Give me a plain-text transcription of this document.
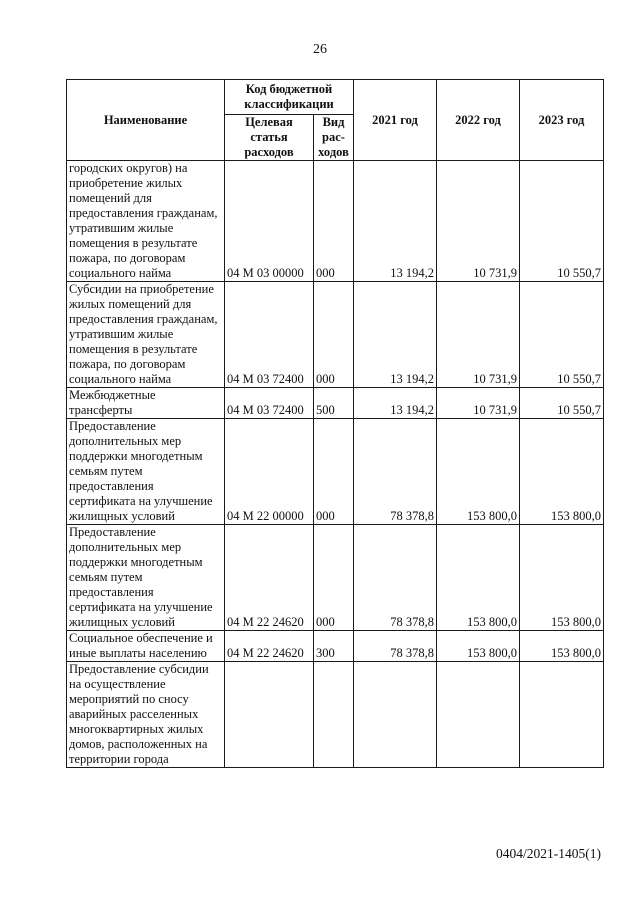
26
Наименование	Код бюджетной классификации		2021 год	2022 год	2023 год
	Целевая статья расходов	Вид рас-ходов			
городских округов) на приобретение жилых помещений для предоставления гражданам, утратившим жилые помещения в результате пожара, по договорам социального найма	04 М 03 00000	000	13 194,2	10 731,9	10 550,7
Субсидии на приобретение жилых помещений для предоставления гражданам, утратившим жилые помещения в результате пожара, по договорам социального найма	04 М 03 72400	000	13 194,2	10 731,9	10 550,7
Межбюджетные трансферты	04 М 03 72400	500	13 194,2	10 731,9	10 550,7
Предоставление дополнительных мер поддержки многодетным семьям путем предоставления сертификата на улучшение жилищных условий	04 М 22 00000	000	78 378,8	153 800,0	153 800,0
Предоставление дополнительных мер поддержки многодетным семьям путем предоставления сертификата на улучшение жилищных условий	04 М 22 24620	000	78 378,8	153 800,0	153 800,0
Социальное обеспечение и иные выплаты населению	04 М 22 24620	300	78 378,8	153 800,0	153 800,0
Предоставление субсидии на осуществление мероприятий по сносу аварийных расселенных многоквартирных жилых домов, расположенных на территории города					
0404/2021-1405(1)
